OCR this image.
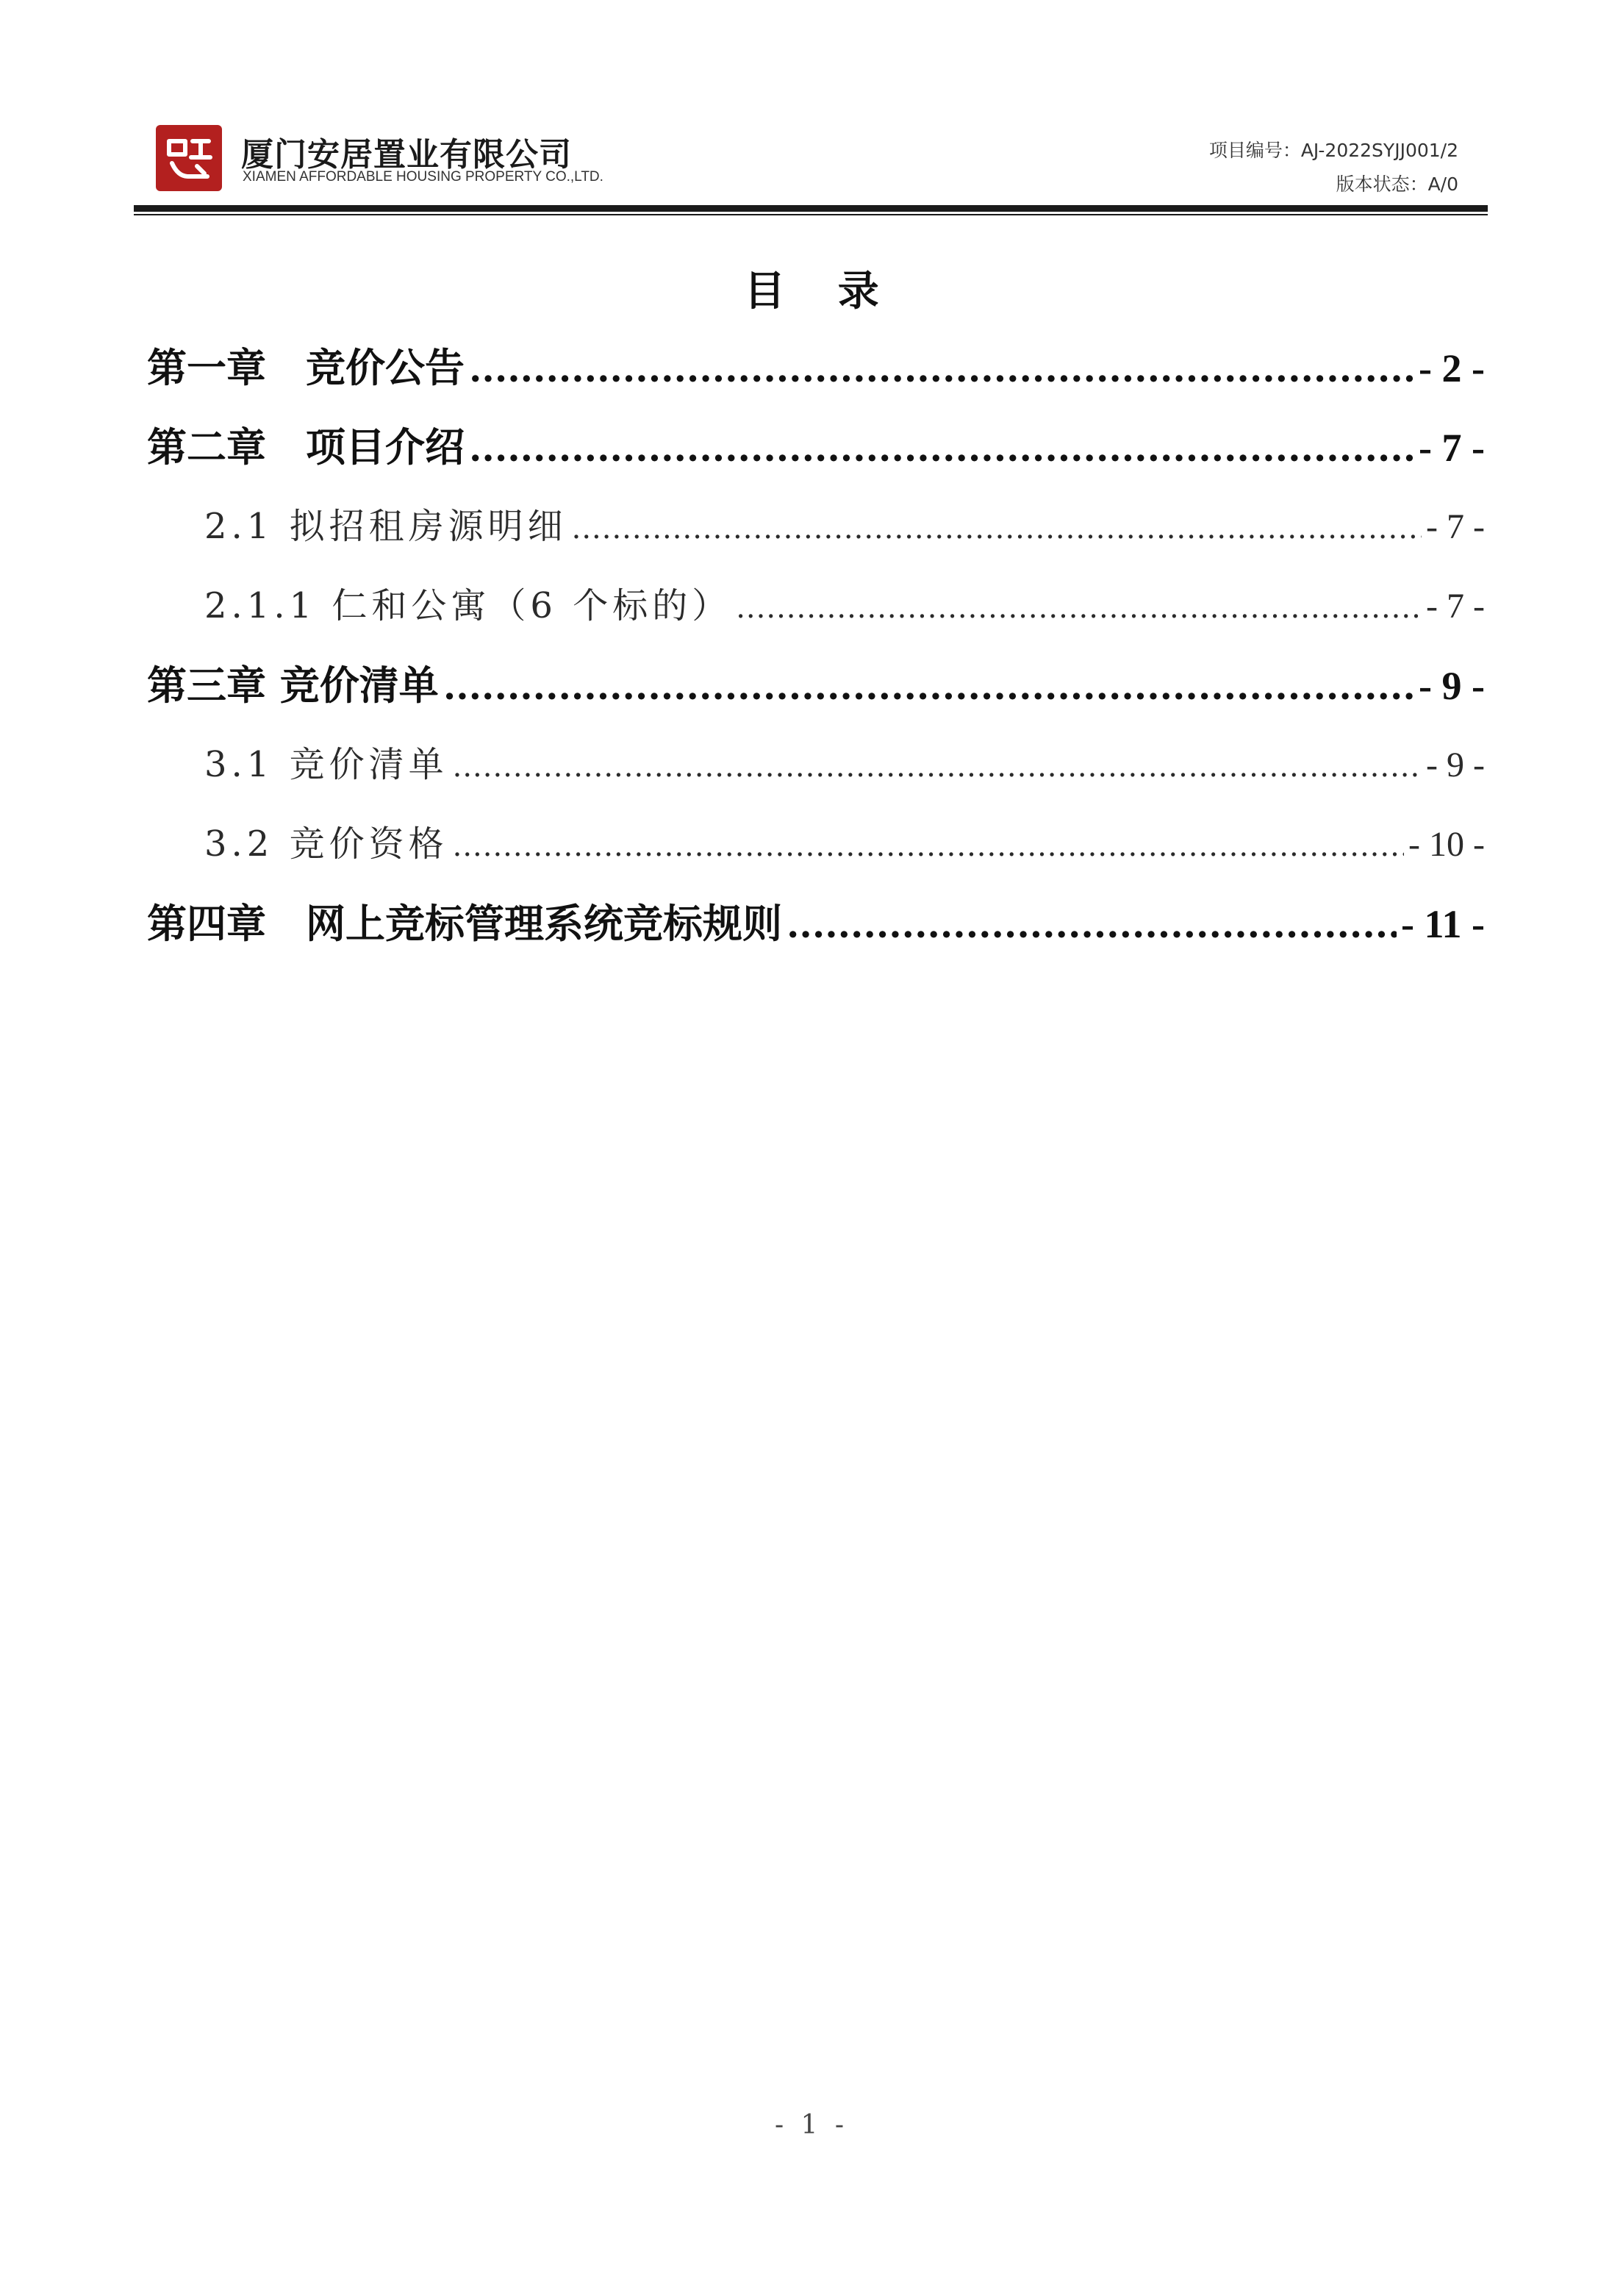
厦门安居置业有限公司
XIAMEN AFFORDABLE HOUSING PROPERTY CO.,LTD.
项目编号：AJ-2022SYJJ001/2
版本状态：A/0
目 录
第一章　竞价公告 .....	- 2 -
第二章　项目介绍 .....	- 7 -
2.1 拟招租房源明细 .....	- 7 -
2.1.1 仁和公寓（6 个标的） .....	- 7 -
第三章 竞价清单 .....	- 9 -
3.1 竞价清单 .....	- 9 -
3.2 竞价资格 .....	- 10 -
第四章　网上竞标管理系统竞标规则 .....	- 11 -
- 1 -
